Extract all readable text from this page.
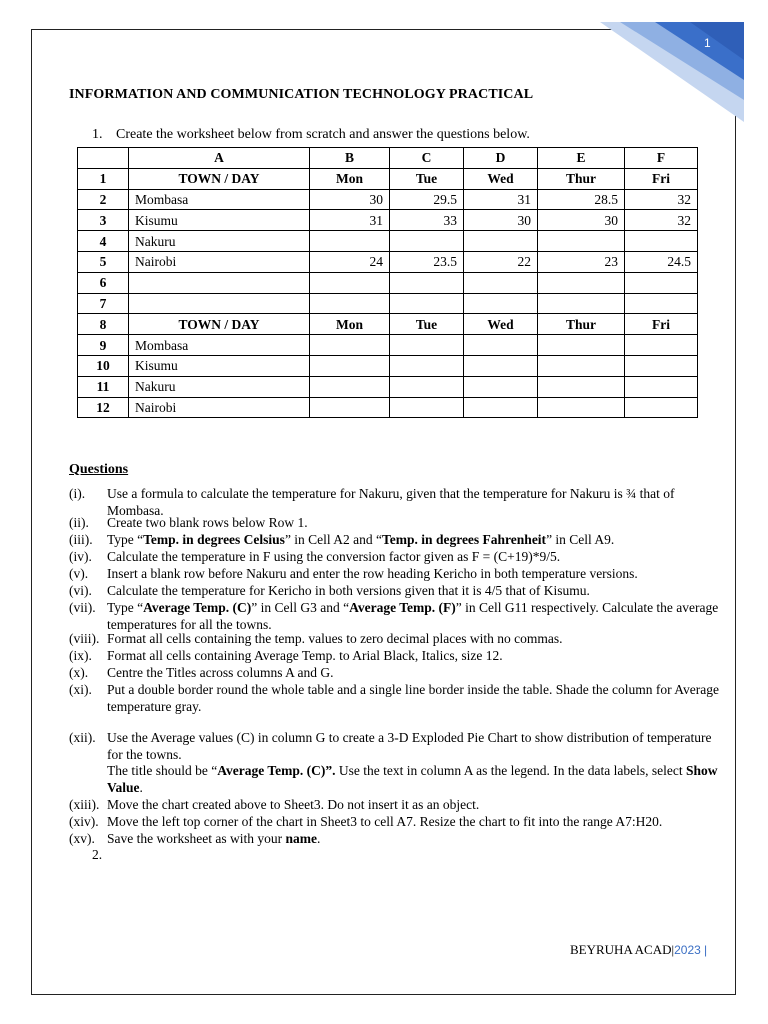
1
INFORMATION AND COMMUNICATION TECHNOLOGY PRACTICAL
1. Create the worksheet below from scratch and answer the questions below.
	A	B	C	D	E	F
1	TOWN / DAY	Mon	Tue	Wed	Thur	Fri
2	Mombasa	30	29.5	31	28.5	32
3	Kisumu	31	33	30	30	32
4	Nakuru					
5	Nairobi	24	23.5	22	23	24.5
6						
7						
8	TOWN / DAY	Mon	Tue	Wed	Thur	Fri
9	Mombasa					
10	Kisumu					
11	Nakuru					
12	Nairobi					
Questions
(i). Use a formula to calculate the temperature for Nakuru, given that the temperature for Nakuru is ¾ that of Mombasa.
(ii). Create two blank rows below Row 1.
(iii). Type “Temp. in degrees Celsius” in Cell A2 and “Temp. in degrees Fahrenheit” in Cell A9.
(iv). Calculate the temperature in F using the conversion factor given as F = (C+19)*9/5.
(v). Insert a blank row before Nakuru and enter the row heading Kericho in both temperature versions.
(vi). Calculate the temperature for Kericho in both versions given that it is 4/5 that of Kisumu.
(vii). Type “Average Temp. (C)” in Cell G3 and “Average Temp. (F)” in Cell G11 respectively. Calculate the average temperatures for all the towns.
(viii). Format all cells containing the temp. values to zero decimal places with no commas.
(ix). Format all cells containing Average Temp. to Arial Black, Italics, size 12.
(x). Centre the Titles across columns A and G.
(xi). Put a double border round the whole table and a single line border inside the table. Shade the column for Average temperature gray.
(xii). Use the Average values (C) in column G to create a 3-D Exploded Pie Chart to show distribution of temperature for the towns.
The title should be “Average Temp. (C)”. Use the text in column A as the legend. In the data labels, select Show Value.
(xiii). Move the chart created above to Sheet3. Do not insert it as an object.
(xiv). Move the left top corner of the chart in Sheet3 to cell A7. Resize the chart to fit into the range A7:H20.
(xv). Save the worksheet as with your name.
2.
BEYRUHA ACAD|2023 |
